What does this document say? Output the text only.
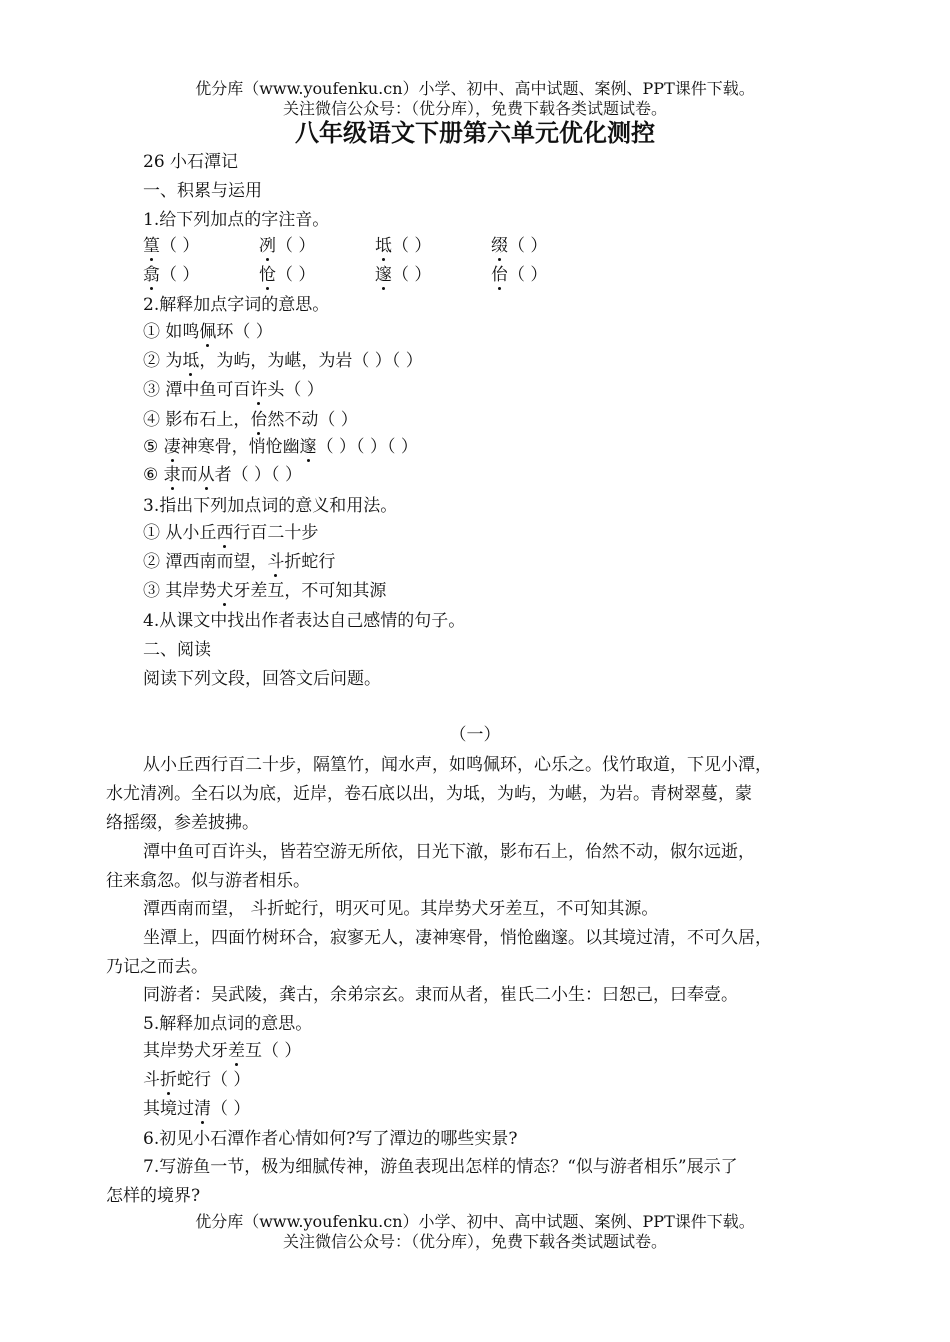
优分库（www.youfenku.cn）小学、初中、高中试题、案例、PPT课件下载。
关注微信公众号：（优分库），免费下载各类试题试卷。
八年级语文下册第六单元优化测控
26 小石潭记
一、积累与运用
1.给下列加点的字注音。
篁（ ）	冽（ ）	坻（ ）	缀（ ）
翕（ ）	怆（ ）	邃（ ）	佁（ ）
2.解释加点字词的意思。
① 如鸣佩环（ ）
② 为坻，为屿，为嵁，为岩（ ）（ ）
③ 潭中鱼可百许头（ ）
④ 影布石上，佁然不动（ ）
⑤ 凄神寒骨，悄怆幽邃（ ）（ ）（ ）
⑥ 隶而从者（ ）（ ）
3.指出下列加点词的意义和用法。
① 从小丘西行百二十步
② 潭西南而望，斗折蛇行
③ 其岸势犬牙差互，不可知其源
4.从课文中找出作者表达自己感情的句子。
二、阅读
阅读下列文段，回答文后问题。
（一）
从小丘西行百二十步，隔篁竹，闻水声，如鸣佩环，心乐之。伐竹取道，下见小潭，
水尤清冽。全石以为底，近岸，卷石底以出，为坻，为屿，为嵁，为岩。青树翠蔓，蒙
络摇缀，参差披拂。
潭中鱼可百许头，皆若空游无所依，日光下澈，影布石上，佁然不动，俶尔远逝，
往来翕忽。似与游者相乐。
潭西南而望， 斗折蛇行，明灭可见。其岸势犬牙差互，不可知其源。
坐潭上，四面竹树环合，寂寥无人，凄神寒骨，悄怆幽邃。以其境过清，不可久居，
乃记之而去。
同游者：吴武陵，龚古，余弟宗玄。隶而从者，崔氏二小生：曰恕己，曰奉壹。
5.解释加点词的意思。
其岸势犬牙差互（ ）
斗折蛇行（ ）
其境过清（ ）
6.初见小石潭作者心情如何?写了潭边的哪些实景?
7.写游鱼一节，极为细腻传神，游鱼表现出怎样的情态？“似与游者相乐”展示了
怎样的境界?
优分库（www.youfenku.cn）小学、初中、高中试题、案例、PPT课件下载。
关注微信公众号：（优分库），免费下载各类试题试卷。
